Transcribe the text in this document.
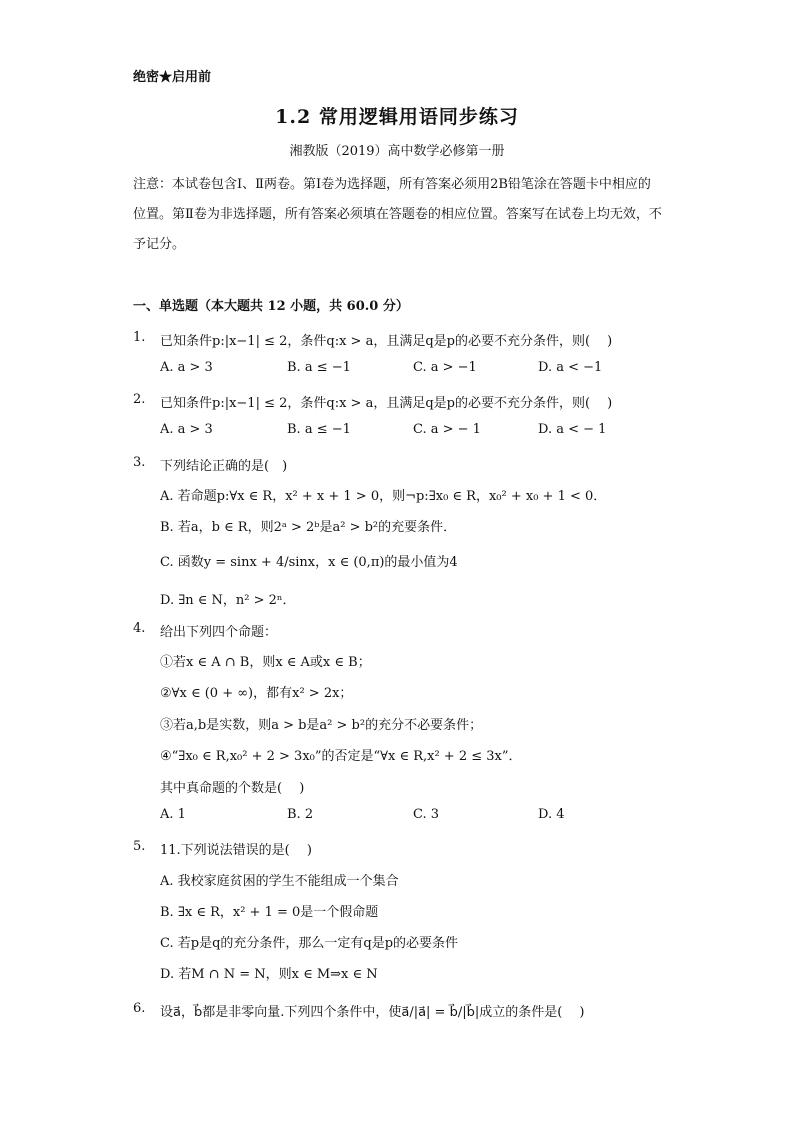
绝密★启用前
1.2 常用逻辑用语同步练习
湘教版（2019）高中数学必修第一册
注意：本试卷包含Ⅰ、Ⅱ两卷。第Ⅰ卷为选择题，所有答案必须用2B铅笔涂在答题卡中相应的位置。第Ⅱ卷为非选择题，所有答案必须填在答题卷的相应位置。答案写在试卷上均无效，不予记分。
一、单选题（本大题共 12 小题，共 60.0 分）
1. 已知条件p:|x−1| ≤ 2，条件q:x > a，且满足q是p的必要不充分条件，则(　 )
A. a > 3	B. a ≤ −1	C. a > −1	D. a < −1
2. 已知条件p:|x−1| ≤ 2，条件q:x > a，且满足q是p的必要不充分条件，则(　 )
A. a > 3	B. a ≤ −1	C. a > − 1	D. a < − 1
3. 下列结论正确的是(　)
A. 若命题p:∀x ∈ R，x² + x + 1 > 0，则¬p:∃x₀ ∈ R，x₀² + x₀ + 1 < 0．
B. 若a，b ∈ R，则2ᵃ > 2ᵇ是a² > b²的充要条件．
C. 函数y = sinx + 4/sinx，x ∈ (0,π)的最小值为4
D. ∃n ∈ N，n² > 2ⁿ．
4. 给出下列四个命题：
①若x ∈ A ∩ B，则x ∈ A或x ∈ B；
②∀x ∈ (0 + ∞)，都有x² > 2x；
③若a,b是实数，则a > b是a² > b²的充分不必要条件；
④“∃x₀ ∈ R,x₀² + 2 > 3x₀”的否定是“∀x ∈ R,x² + 2 ≤ 3x”．
其中真命题的个数是(　 )
A. 1	B. 2	C. 3	D. 4
5. 11.下列说法错误的是(　 )
A. 我校家庭贫困的学生不能组成一个集合
B. ∃x ∈ R，x² + 1 = 0是一个假命题
C. 若p是q的充分条件，那么一定有q是p的必要条件
D. 若M ∩ N = N，则x ∈ M⇒x ∈ N
6. 设a⃗，b⃗都是非零向量.下列四个条件中，使a⃗/|a⃗| = b⃗/|b⃗|成立的条件是(　 )
